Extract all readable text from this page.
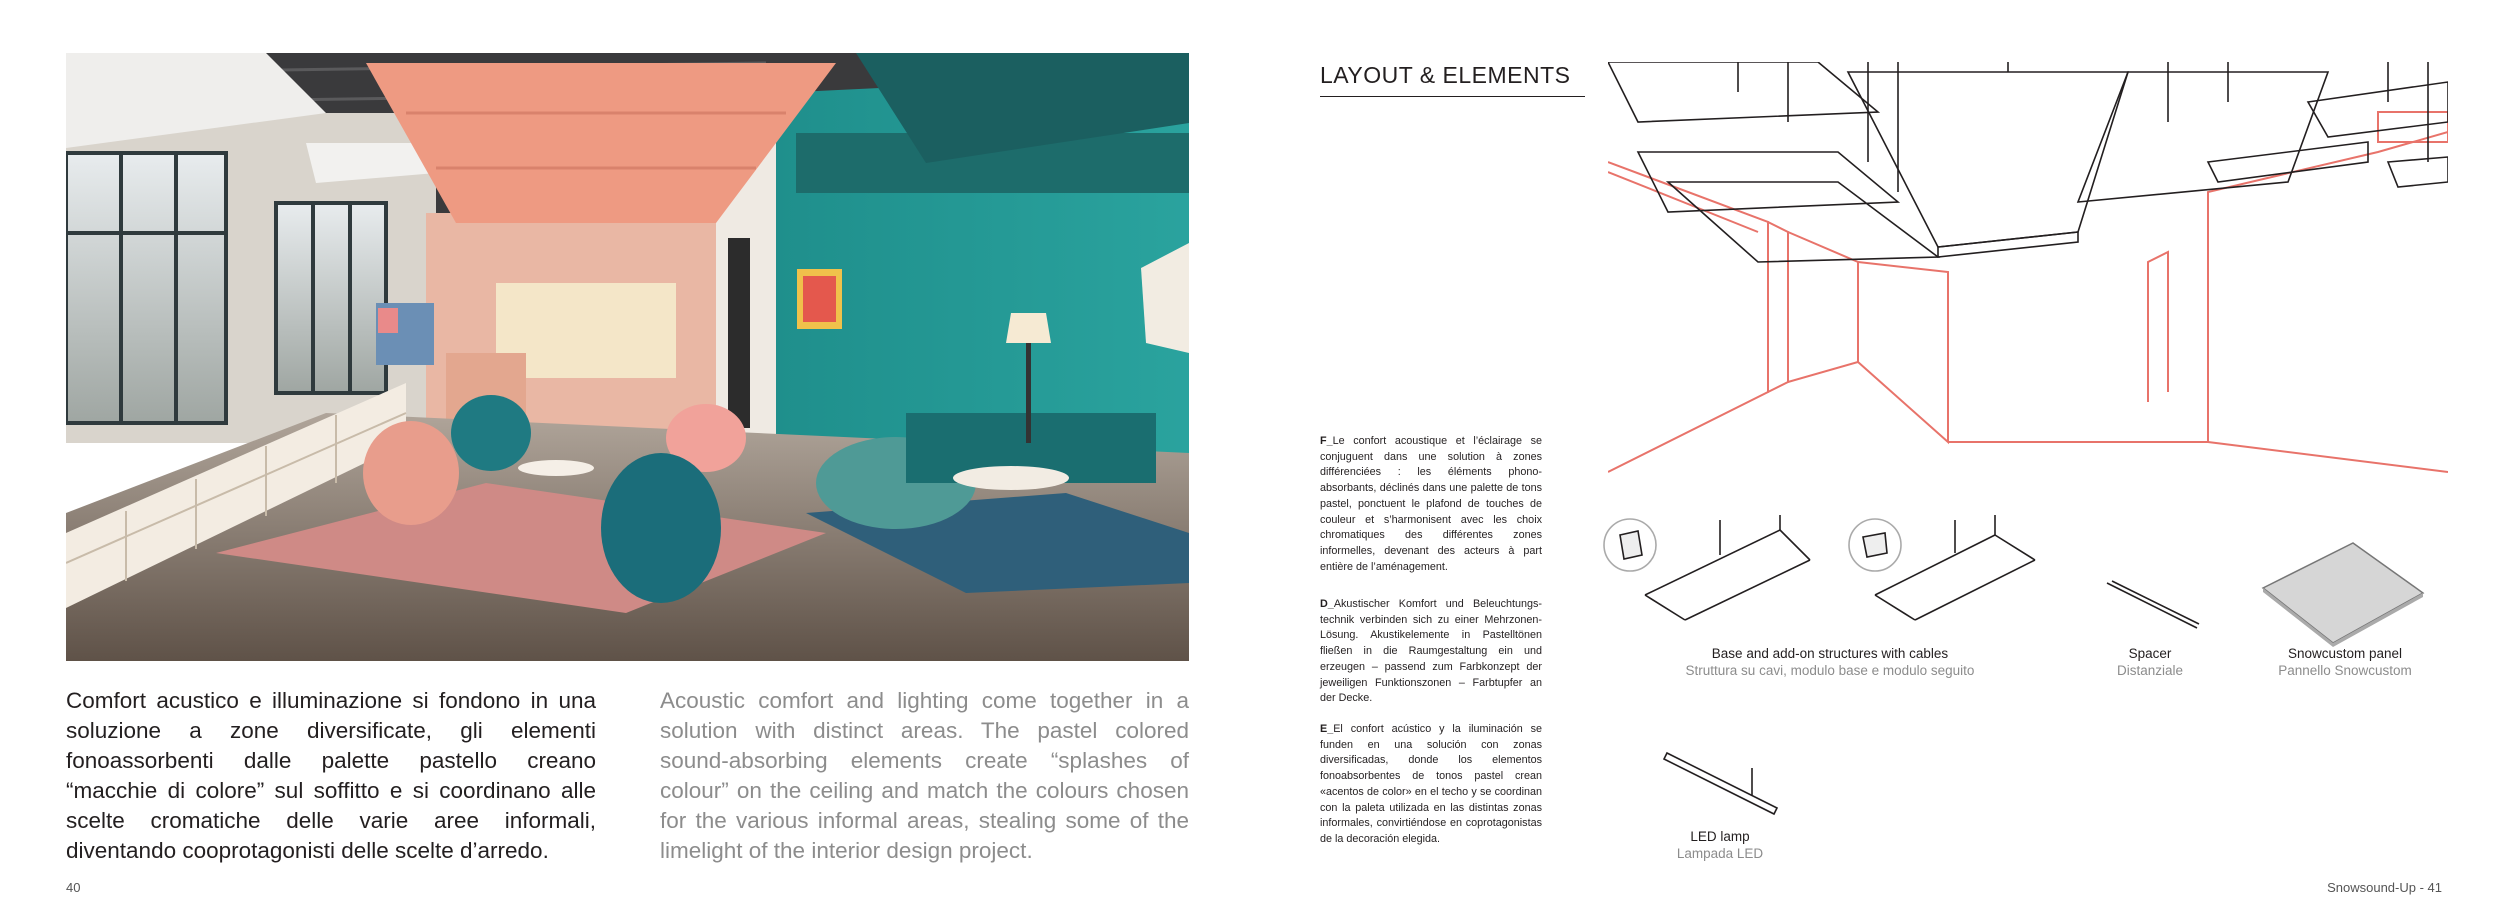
Comfort acustico e illuminazione si fondono in una soluzione a zone diversificate, gli elementi fonoassorbenti dalle palette pastello creano “macchie di colore” sul soffitto e si coordinano alle scelte cromatiche delle varie aree informali, diventando cooprotagonisti delle scelte d’arredo.
Acoustic comfort and lighting come together in a solution with distinct areas. The pastel colored sound-absorbing elements create “splashes of colour” on the ceiling and match the colours chosen for the various informal areas, stealing some of the limelight of the interior design project.
40
LAYOUT & ELEMENTS
F_Le confort acoustique et l’éclairage se conjuguent dans une solution à zones différenciées : les éléments phono-absorbants, déclinés dans une palette de tons pastel, ponctuent le plafond de touches de couleur et s’harmonisent avec les choix chromatiques des différentes zones informelles, devenant des acteurs à part entière de l’aménagement.
D_Akustischer Komfort und Beleuchtungs-technik verbinden sich zu einer Mehrzonen-Lösung. Akustikelemente in Pastelltönen fließen in die Raumgestaltung ein und erzeugen – passend zum Farbkonzept der jeweiligen Funktionszonen – Farbtupfer an der Decke.
E_El confort acústico y la iluminación se funden en una solución con zonas diversificadas, donde los elementos fonoabsorbentes de tonos pastel crean «acentos de color» en el techo y se coordinan con la paleta utilizada en las distintas zonas informales, convirtiéndose en coprotagonistas de la decoración elegida.
Base and add-on structures with cables
Struttura su cavi, modulo base e modulo seguito
Spacer
Distanziale
Snowcustom panel
Pannello Snowcustom
LED lamp
Lampada LED
Snowsound-Up - 41
